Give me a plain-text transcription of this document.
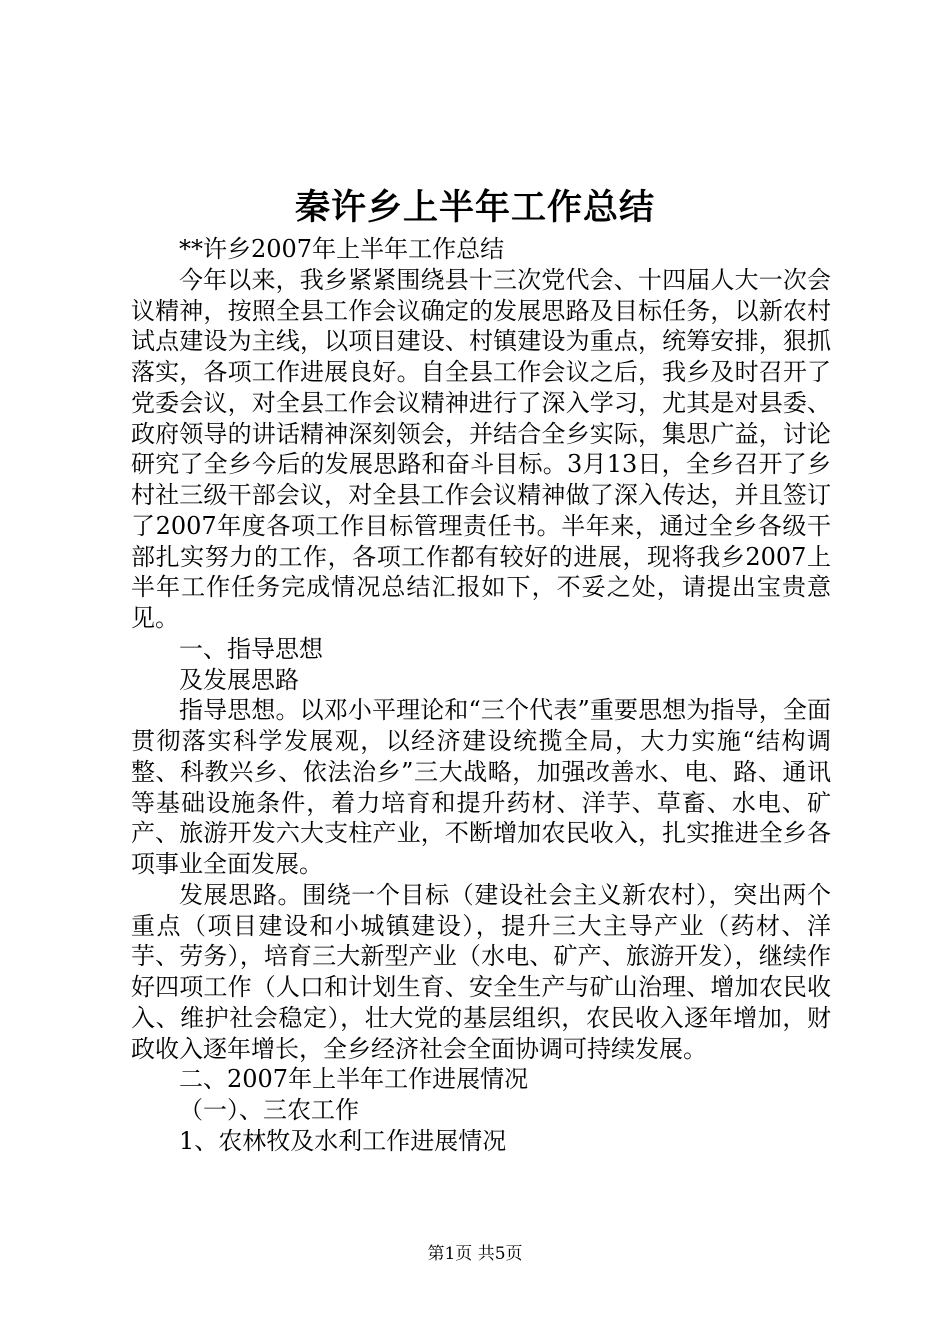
秦许乡上半年工作总结

**许乡2007年上半年工作总结

今年以来，我乡紧紧围绕县十三次党代会、十四届人大一次会议精神，按照全县工作会议确定的发展思路及目标任务，以新农村试点建设为主线，以项目建设、村镇建设为重点，统筹安排，狠抓落实，各项工作进展良好。自全县工作会议之后，我乡及时召开了党委会议，对全县工作会议精神进行了深入学习，尤其是对县委、政府领导的讲话精神深刻领会，并结合全乡实际，集思广益，讨论研究了全乡今后的发展思路和奋斗目标。3月13日，全乡召开了乡村社三级干部会议，对全县工作会议精神做了深入传达，并且签订了2007年度各项工作目标管理责任书。半年来，通过全乡各级干部扎实努力的工作，各项工作都有较好的进展，现将我乡2007上半年工作任务完成情况总结汇报如下，不妥之处，请提出宝贵意见。

一、指导思想

及发展思路

指导思想。以邓小平理论和“三个代表”重要思想为指导，全面贯彻落实科学发展观，以经济建设统揽全局，大力实施“结构调整、科教兴乡、依法治乡”三大战略，加强改善水、电、路、通讯等基础设施条件，着力培育和提升药材、洋芋、草畜、水电、矿产、旅游开发六大支柱产业，不断增加农民收入，扎实推进全乡各项事业全面发展。

发展思路。围绕一个目标（建设社会主义新农村），突出两个重点（项目建设和小城镇建设），提升三大主导产业（药材、洋芋、劳务），培育三大新型产业（水电、矿产、旅游开发），继续作好四项工作（人口和计划生育、安全生产与矿山治理、增加农民收入、维护社会稳定），壮大党的基层组织，农民收入逐年增加，财政收入逐年增长，全乡经济社会全面协调可持续发展。

二、2007年上半年工作进展情况

（一）、三农工作

1、农林牧及水利工作进展情况

第1页 共5页
